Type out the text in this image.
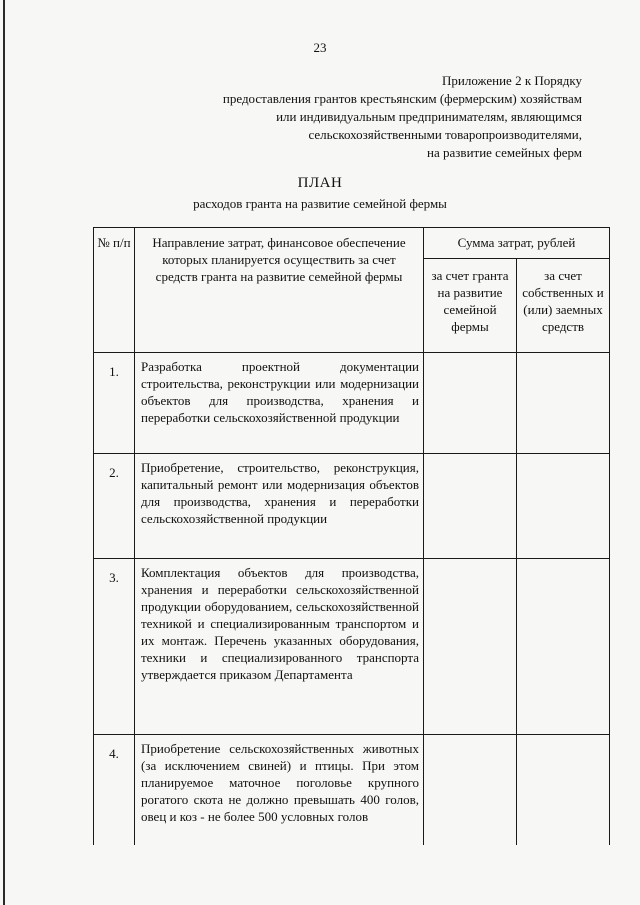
23
Приложение 2 к Порядку
предоставления грантов крестьянским (фермерским) хозяйствам
или индивидуальным предпринимателям, являющимся
сельскохозяйственными товаропроизводителями,
на развитие семейных ферм
ПЛАН
расходов гранта на развитие семейной фермы
№ п/п	Направление затрат, финансовое обеспечение которых планируется осуществить за счет средств гранта на развитие семейной фермы	Сумма затрат, рублей	
		за счет гранта на развитие семейной фермы	за счет собственных и (или) заемных средств
1.	Разработка проектной документации строительства, реконструкции или модернизации объектов для производства, хранения и переработки сельскохозяйственной продукции		

2.	Приобретение, строительство, реконструкция, капитальный ремонт или модернизация объектов для производства, хранения и переработки сельскохозяйственной продукции		

3.	Комплектация объектов для производства, хранения и переработки сельскохозяйственной продукции оборудованием, сельскохозяйственной техникой и специализированным транспортом и их монтаж. Перечень указанных оборудования, техники и специализированного транспорта утверждается приказом Департамента		

4.	Приобретение сельскохозяйственных животных (за исключением свиней) и птицы. При этом планируемое маточное поголовье крупного рогатого скота не должно превышать 400 голов, овец и коз - не более 500 условных голов		
